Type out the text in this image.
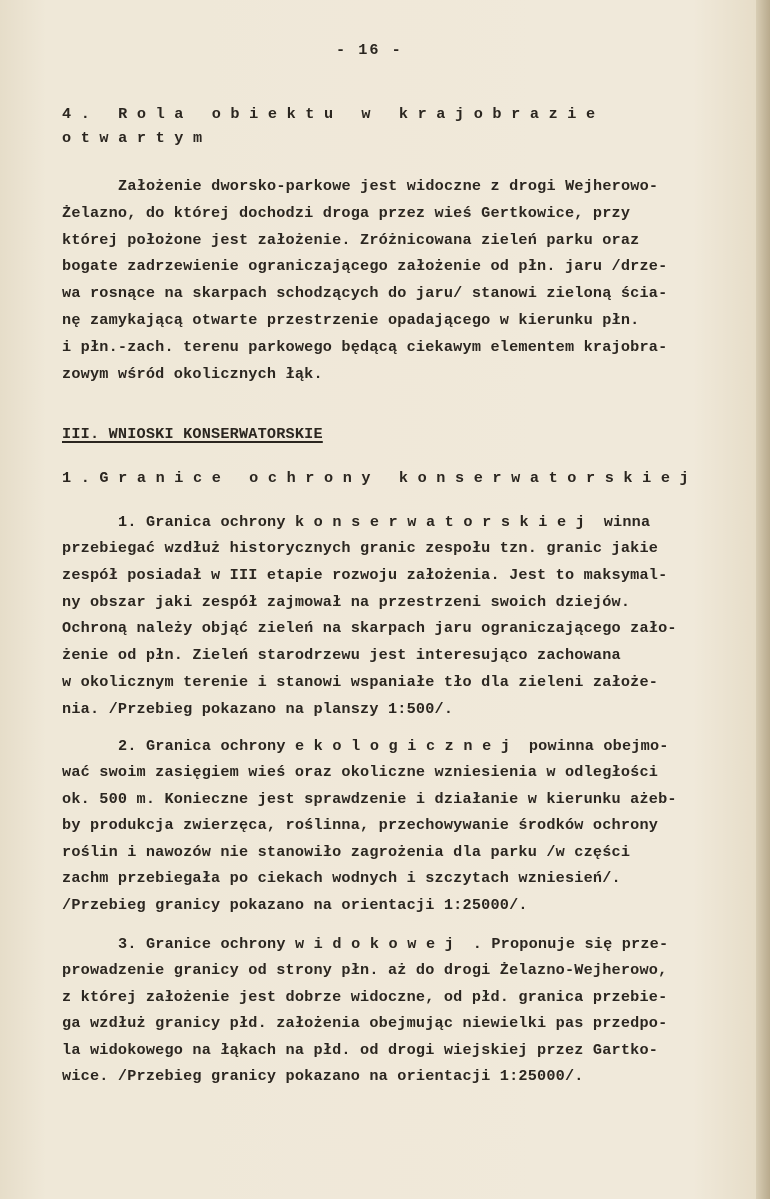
- 16 -
4. Rola obiektu w krajobrazie
otwartym
Założenie dworsko-parkowe jest widoczne z drogi Wejherowo-
Żelazno, do której dochodzi droga przez wieś Gertkowice, przy
której położone jest założenie. Zróżnicowana zieleń parku oraz
bogate zadrzewienie ograniczającego założenie od płn. jaru /drze-
wa rosnące na skarpach schodzących do jaru/ stanowi zieloną ścia-
nę zamykającą otwarte przestrzenie opadającego w kierunku płn.
i płn.-zach. terenu parkowego będącą ciekawym elementem krajobra-
zowym wśród okolicznych łąk.
III. WNIOSKI KONSERWATORSKIE
1.Granice ochrony konserwatorskiej
1. Granica ochrony konserwatorskiej winna
przebiegać wzdłuż historycznych granic zespołu tzn. granic jakie
zespół posiadał w III etapie rozwoju założenia. Jest to maksymal-
ny obszar jaki zespół zajmował na przestrzeni swoich dziejów.
Ochroną należy objąć zieleń na skarpach jaru ograniczającego zało-
żenie od płn. Zieleń starodrzewu jest interesująco zachowana
w okolicznym terenie i stanowi wspaniałe tło dla zieleni założe-
nia. /Przebieg pokazano na planszy 1:500/.
2. Granica ochrony ekologicznej powinna obejmo-
wać swoim zasięgiem wieś oraz okoliczne wzniesienia w odległości
ok. 500 m. Konieczne jest sprawdzenie i działanie w kierunku ażeb-
by produkcja zwierzęca, roślinna, przechowywanie środków ochrony
roślin i nawozów nie stanowiło zagrożenia dla parku /w części
zachm przebiegała po ciekach wodnych i szczytach wzniesień/.
/Przebieg granicy pokazano na orientacji 1:25000/.
3. Granice ochrony widokowej . Proponuje się prze-
prowadzenie granicy od strony płn. aż do drogi Żelazno-Wejherowo,
z której założenie jest dobrze widoczne, od płd. granica przebie-
ga wzdłuż granicy płd. założenia obejmując niewielki pas przedpo-
la widokowego na łąkach na płd. od drogi wiejskiej przez Gartko-
wice. /Przebieg granicy pokazano na orientacji 1:25000/.
